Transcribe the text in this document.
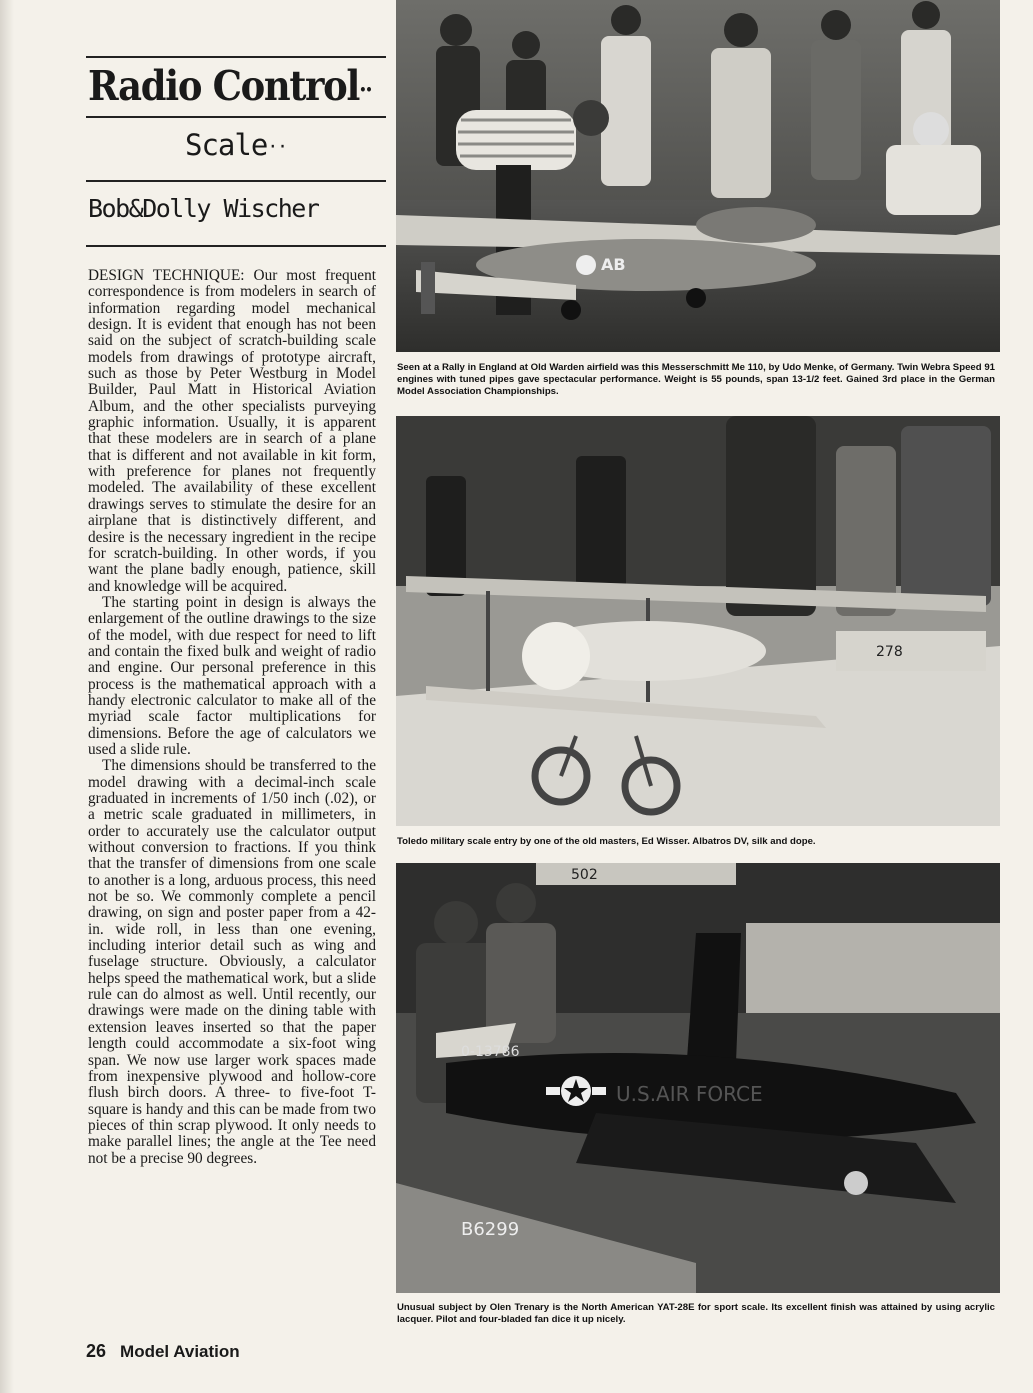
Radio Control··
Scale··
Bob&Dolly Wischer

DESIGN TECHNIQUE: Our most frequent correspondence is from modelers in search of information regarding model mechanical design. It is evident that enough has not been said on the subject of scratch-building scale models from drawings of prototype aircraft, such as those by Peter Westburg in Model Builder, Paul Matt in Historical Aviation Album, and the other specialists purveying graphic information. Usually, it is apparent that these modelers are in search of a plane that is different and not available in kit form, with preference for planes not frequently modeled. The availability of these excellent drawings serves to stimulate the desire for an airplane that is distinctively different, and desire is the necessary ingredient in the recipe for scratch-building. In other words, if you want the plane badly enough, patience, skill and knowledge will be acquired.

The starting point in design is always the enlargement of the outline drawings to the size of the model, with due respect for need to lift and contain the fixed bulk and weight of radio and engine. Our personal preference in this process is the mathematical approach with a handy electronic calculator to make all of the myriad scale factor multiplications for dimensions. Before the age of calculators we used a slide rule.

The dimensions should be transferred to the model drawing with a decimal-inch scale graduated in increments of 1/50 inch (.02), or a metric scale graduated in millimeters, in order to accurately use the calculator output without conversion to fractions. If you think that the transfer of dimensions from one scale to another is a long, arduous process, this need not be so. We commonly complete a pencil drawing, on sign and poster paper from a 42-in. wide roll, in less than one evening, including interior detail such as wing and fuselage structure. Obviously, a calculator helps speed the mathematical work, but a slide rule can do almost as well. Until recently, our drawings were made on the dining table with extension leaves inserted so that the paper length could accommodate a six-foot wing span. We now use larger work spaces made from inexpensive plywood and hollow-core flush birch doors. A three- to five-foot T-square is handy and this can be made from two pieces of thin scrap plywood. It only needs to make parallel lines; the angle at the Tee need not be a precise 90 degrees.

AB
Seen at a Rally in England at Old Warden airfield was this Messerschmitt Me 110, by Udo Menke, of Germany. Twin Webra Speed 91 engines with tuned pipes gave spectacular performance. Weight is 55 pounds, span 13-1/2 feet. Gained 3rd place in the German Model Association Championships.
278
Toledo military scale entry by one of the old masters, Ed Wisser. Albatros DV, silk and dope.
502
B6299
0-13786
U.S.AIR FORCE
Unusual subject by Olen Trenary is the North American YAT-28E for sport scale. Its excellent finish was attained by using acrylic lacquer. Pilot and four-bladed fan dice it up nicely.
26 Model Aviation
